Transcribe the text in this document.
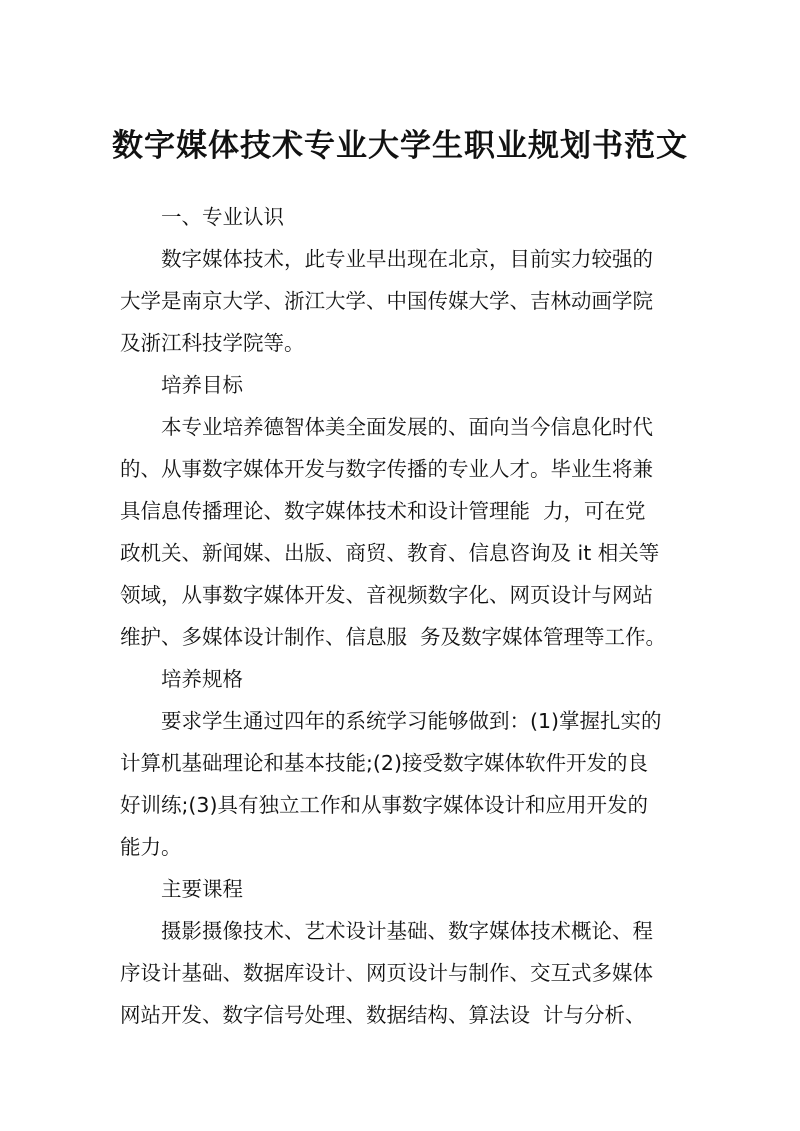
数字媒体技术专业大学生职业规划书范文
一、专业认识
数字媒体技术，此专业早出现在北京，目前实力较强的
大学是南京大学、浙江大学、中国传媒大学、吉林动画学院
及浙江科技学院等。
培养目标
本专业培养德智体美全面发展的、面向当今信息化时代
的、从事数字媒体开发与数字传播的专业人才。毕业生将兼
具信息传播理论、数字媒体技术和设计管理能  力，可在党
政机关、新闻媒、出版、商贸、教育、信息咨询及 it 相关等
领域，从事数字媒体开发、音视频数字化、网页设计与网站
维护、多媒体设计制作、信息服  务及数字媒体管理等工作。
培养规格
要求学生通过四年的系统学习能够做到：(1)掌握扎实的
计算机基础理论和基本技能;(2)接受数字媒体软件开发的良
好训练;(3)具有独立工作和从事数字媒体设计和应用开发的
能力。
主要课程
摄影摄像技术、艺术设计基础、数字媒体技术概论、程
序设计基础、数据库设计、网页设计与制作、交互式多媒体
网站开发、数字信号处理、数据结构、算法设  计与分析、
